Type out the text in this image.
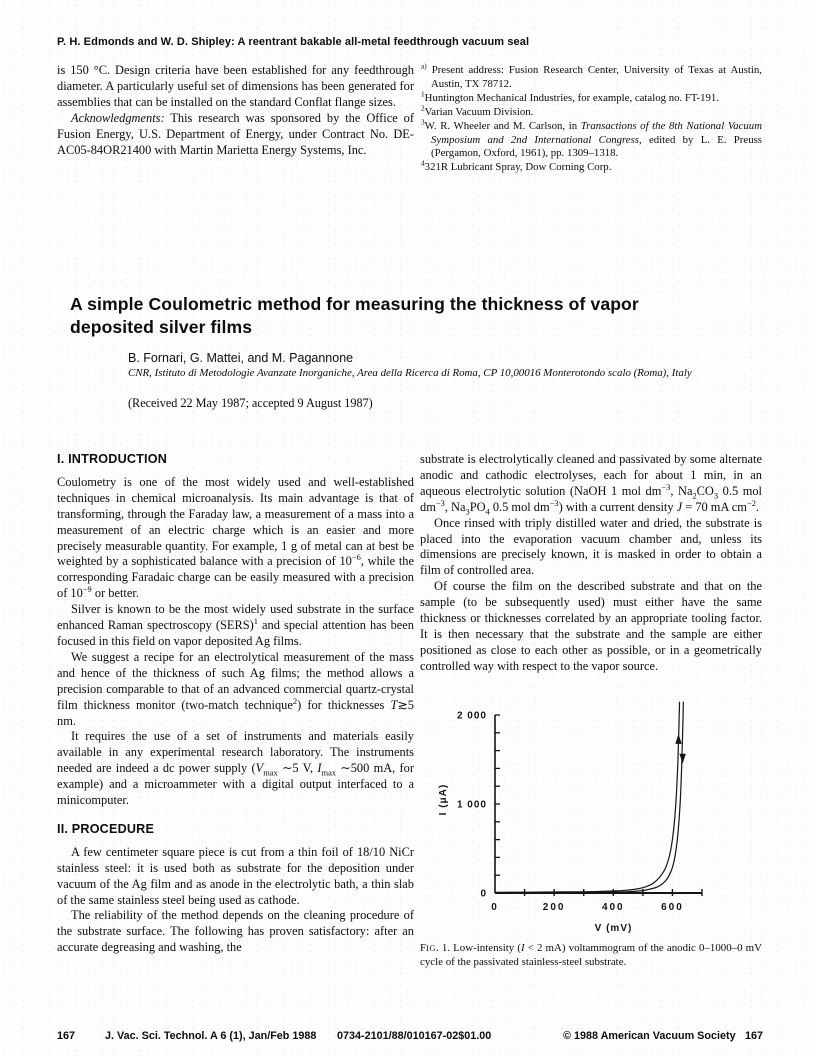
P. H. Edmonds and W. D. Shipley: A reentrant bakable all-metal feedthrough vacuum seal

is 150 °C. Design criteria have been established for any feedthrough diameter. A particularly useful set of dimensions has been generated for assemblies that can be installed on the standard Conflat flange sizes.

Acknowledgments: This research was sponsored by the Office of Fusion Energy, U.S. Department of Energy, under Contract No. DE-AC05-84OR21400 with Martin Marietta Energy Systems, Inc.

$^{a)}$ Present address: Fusion Research Center, University of Texas at Austin, Austin, TX 78712.

$^1$Huntington Mechanical Industries, for example, catalog no. FT-191.

$^2$Varian Vacuum Division.

$^3$W. R. Wheeler and M. Carlson, in Transactions of the 8th National Vacuum Symposium and 2nd International Congress, edited by L. E. Preuss (Pergamon, Oxford, 1961), pp. 1309–1318.

$^4$321R Lubricant Spray, Dow Corning Corp.

A simple Coulometric method for measuring the thickness of vapor deposited silver films
B. Fornari, G. Mattei, and M. Pagannone
CNR, Istituto di Metodologie Avanzate Inorganiche, Area della Ricerca di Roma, CP 10,00016 Monterotondo scalo (Roma), Italy
(Received 22 May 1987; accepted 9 August 1987)
I. INTRODUCTION

Coulometry is one of the most widely used and well-established techniques in chemical microanalysis. Its main advantage is that of transforming, through the Faraday law, a measurement of a mass into a measurement of an electric charge which is an easier and more precisely measurable quantity. For example, 1 g of metal can at best be weighted by a sophisticated balance with a precision of $10^{-6}$, while the corresponding Faradaic charge can be easily measured with a precision of $10^{-9}$ or better.

Silver is known to be the most widely used substrate in the surface enhanced Raman spectroscopy (SERS)$^1$ and special attention has been focused in this field on vapor deposited Ag films.

We suggest a recipe for an electrolytical measurement of the mass and hence of the thickness of such Ag films; the method allows a precision comparable to that of an advanced commercial quartz-crystal film thickness monitor (two-match technique$^2$) for thicknesses T≳5 nm.

It requires the use of a set of instruments and materials easily available in any experimental research laboratory. The instruments needed are indeed a dc power supply ($V_{max}$ ∼5 V, $I_{max}$ ∼500 mA, for example) and a microammeter with a digital output interfaced to a minicomputer.

II. PROCEDURE

A few centimeter square piece is cut from a thin foil of 18/10 NiCr stainless steel: it is used both as substrate for the deposition under vacuum of the Ag film and as anode in the electrolytic bath, a thin slab of the same stainless steel being used as cathode.

The reliability of the method depends on the cleaning procedure of the substrate surface. The following has proven satisfactory: after an accurate degreasing and washing, the

substrate is electrolytically cleaned and passivated by some alternate anodic and cathodic electrolyses, each for about 1 min, in an aqueous electrolytic solution (NaOH 1 mol $dm^{-3}$, $Na_2CO_3$ 0.5 mol $dm^{-3}$, $Na_3PO_4$ 0.5 mol $dm^{-3}$) with a current density J = 70 mA $cm^{-2}$.

Once rinsed with triply distilled water and dried, the substrate is placed into the evaporation vacuum chamber and, unless its dimensions are precisely known, it is masked in order to obtain a film of controlled area.

Of course the film on the described substrate and that on the sample (to be subsequently used) must either have the same thickness or thicknesses correlated by an appropriate tooling factor. It is then necessary that the substrate and the sample are either positioned as close to each other as possible, or in a geometrically controlled way with respect to the vapor source.

0
1 000
2 000
0	200	400	600
I (μA)
V (mV)

FIG. 1. Low-intensity (I < 2 mA) voltammogram of the anodic 0–1000–0 mV cycle of the passivated stainless-steel substrate.

167	J. Vac. Sci. Technol. A 6 (1), Jan/Feb 1988	0734-2101/88/010167-02$01.00	© 1988 American Vacuum Society 167
